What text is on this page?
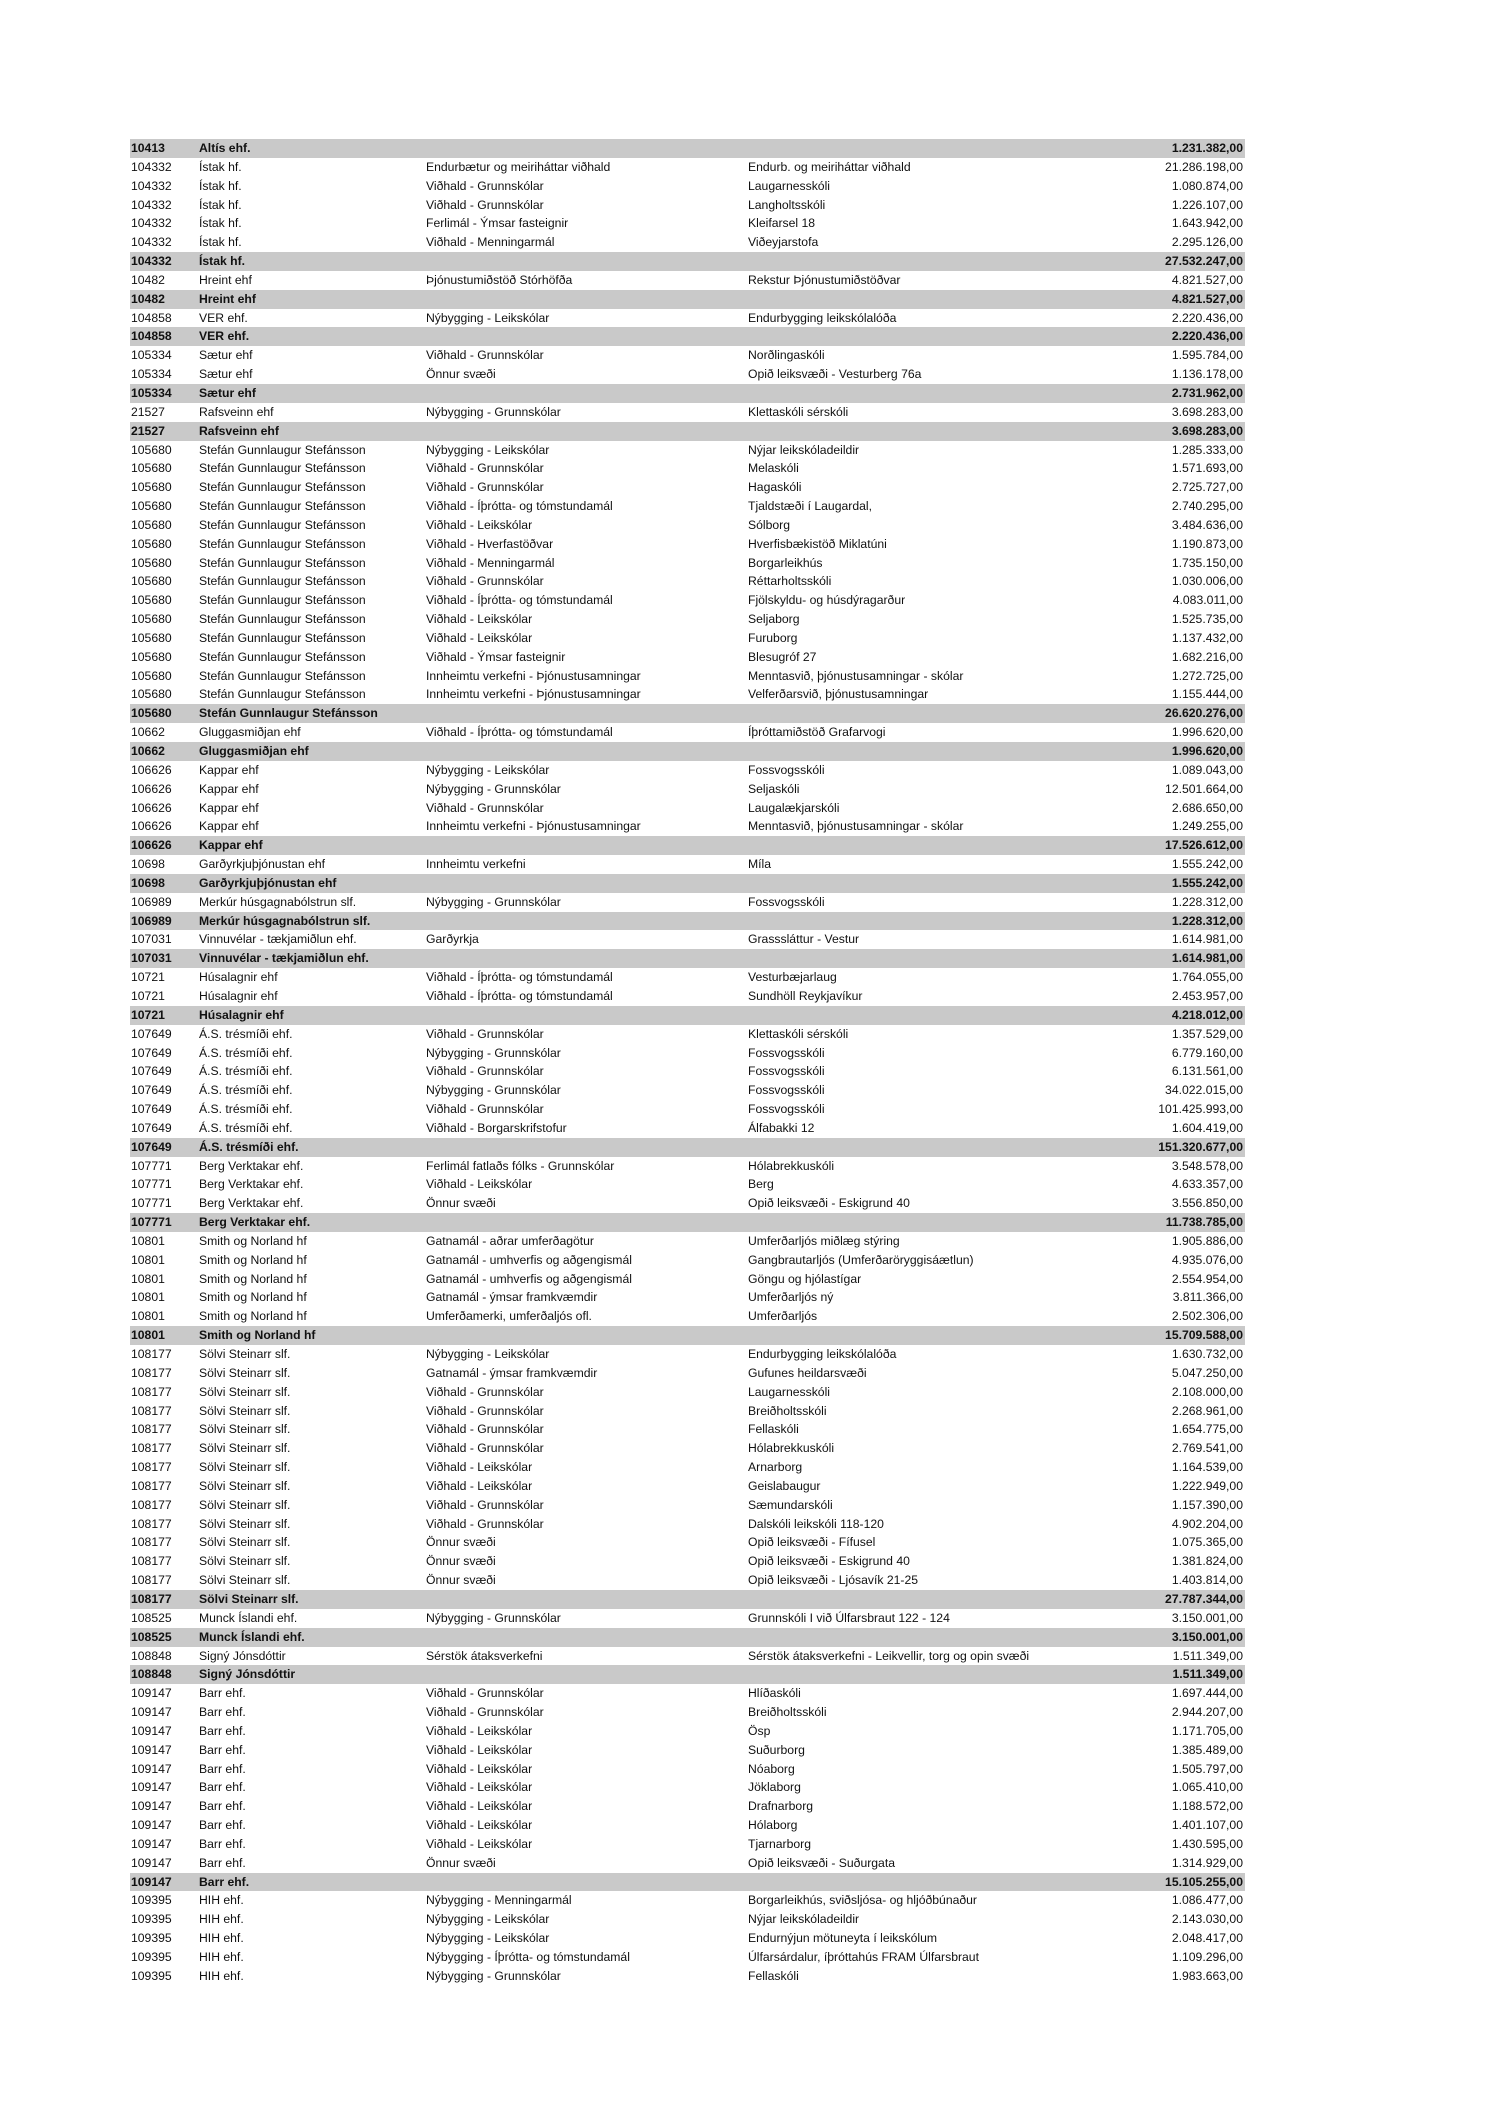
10413	Altís ehf.			1.231.382,00
104332	Ístak hf.	Endurbætur og meiriháttar viðhald	Endurb. og meiriháttar viðhald	21.286.198,00
104332	Ístak hf.	Viðhald - Grunnskólar	Laugarnesskóli	1.080.874,00
104332	Ístak hf.	Viðhald - Grunnskólar	Langholtsskóli	1.226.107,00
104332	Ístak hf.	Ferlimál - Ýmsar fasteignir	Kleifarsel 18	1.643.942,00
104332	Ístak hf.	Viðhald - Menningarmál	Viðeyjarstofa	2.295.126,00
104332	Ístak hf.			27.532.247,00
10482	Hreint ehf	Þjónustumiðstöð Stórhöfða	Rekstur Þjónustumiðstöðvar	4.821.527,00
10482	Hreint ehf			4.821.527,00
104858	VER ehf.	Nýbygging - Leikskólar	Endurbygging leikskólalóða	2.220.436,00
104858	VER ehf.			2.220.436,00
105334	Sætur ehf	Viðhald - Grunnskólar	Norðlingaskóli	1.595.784,00
105334	Sætur ehf	Önnur svæði	Opið leiksvæði - Vesturberg 76a	1.136.178,00
105334	Sætur ehf			2.731.962,00
21527	Rafsveinn ehf	Nýbygging - Grunnskólar	Klettaskóli sérskóli	3.698.283,00
21527	Rafsveinn ehf			3.698.283,00
105680	Stefán Gunnlaugur Stefánsson	Nýbygging - Leikskólar	Nýjar leikskóladeildir	1.285.333,00
105680	Stefán Gunnlaugur Stefánsson	Viðhald - Grunnskólar	Melaskóli	1.571.693,00
105680	Stefán Gunnlaugur Stefánsson	Viðhald - Grunnskólar	Hagaskóli	2.725.727,00
105680	Stefán Gunnlaugur Stefánsson	Viðhald - Íþrótta- og tómstundamál	Tjaldstæði í Laugardal,	2.740.295,00
105680	Stefán Gunnlaugur Stefánsson	Viðhald - Leikskólar	Sólborg	3.484.636,00
105680	Stefán Gunnlaugur Stefánsson	Viðhald - Hverfastöðvar	Hverfisbækistöð Miklatúni	1.190.873,00
105680	Stefán Gunnlaugur Stefánsson	Viðhald - Menningarmál	Borgarleikhús	1.735.150,00
105680	Stefán Gunnlaugur Stefánsson	Viðhald - Grunnskólar	Réttarholtsskóli	1.030.006,00
105680	Stefán Gunnlaugur Stefánsson	Viðhald - Íþrótta- og tómstundamál	Fjölskyldu- og húsdýragarður	4.083.011,00
105680	Stefán Gunnlaugur Stefánsson	Viðhald - Leikskólar	Seljaborg	1.525.735,00
105680	Stefán Gunnlaugur Stefánsson	Viðhald - Leikskólar	Furuborg	1.137.432,00
105680	Stefán Gunnlaugur Stefánsson	Viðhald - Ýmsar fasteignir	Blesugróf 27	1.682.216,00
105680	Stefán Gunnlaugur Stefánsson	Innheimtu verkefni - Þjónustusamningar	Menntasvið, þjónustusamningar - skólar	1.272.725,00
105680	Stefán Gunnlaugur Stefánsson	Innheimtu verkefni - Þjónustusamningar	Velferðarsvið, þjónustusamningar	1.155.444,00
105680	Stefán Gunnlaugur Stefánsson			26.620.276,00
10662	Gluggasmiðjan ehf	Viðhald - Íþrótta- og tómstundamál	Íþróttamiðstöð Grafarvogi	1.996.620,00
10662	Gluggasmiðjan ehf			1.996.620,00
106626	Kappar ehf	Nýbygging - Leikskólar	Fossvogsskóli	1.089.043,00
106626	Kappar ehf	Nýbygging - Grunnskólar	Seljaskóli	12.501.664,00
106626	Kappar ehf	Viðhald - Grunnskólar	Laugalækjarskóli	2.686.650,00
106626	Kappar ehf	Innheimtu verkefni - Þjónustusamningar	Menntasvið, þjónustusamningar - skólar	1.249.255,00
106626	Kappar ehf			17.526.612,00
10698	Garðyrkjuþjónustan ehf	Innheimtu verkefni	Míla	1.555.242,00
10698	Garðyrkjuþjónustan ehf			1.555.242,00
106989	Merkúr húsgagnabólstrun slf.	Nýbygging - Grunnskólar	Fossvogsskóli	1.228.312,00
106989	Merkúr húsgagnabólstrun slf.			1.228.312,00
107031	Vinnuvélar - tækjamiðlun ehf.	Garðyrkja	Grasssláttur - Vestur	1.614.981,00
107031	Vinnuvélar - tækjamiðlun ehf.			1.614.981,00
10721	Húsalagnir ehf	Viðhald - Íþrótta- og tómstundamál	Vesturbæjarlaug	1.764.055,00
10721	Húsalagnir ehf	Viðhald - Íþrótta- og tómstundamál	Sundhöll Reykjavíkur	2.453.957,00
10721	Húsalagnir ehf			4.218.012,00
107649	Á.S. trésmíði ehf.	Viðhald - Grunnskólar	Klettaskóli sérskóli	1.357.529,00
107649	Á.S. trésmíði ehf.	Nýbygging - Grunnskólar	Fossvogsskóli	6.779.160,00
107649	Á.S. trésmíði ehf.	Viðhald - Grunnskólar	Fossvogsskóli	6.131.561,00
107649	Á.S. trésmíði ehf.	Nýbygging - Grunnskólar	Fossvogsskóli	34.022.015,00
107649	Á.S. trésmíði ehf.	Viðhald - Grunnskólar	Fossvogsskóli	101.425.993,00
107649	Á.S. trésmíði ehf.	Viðhald - Borgarskrifstofur	Álfabakki 12	1.604.419,00
107649	Á.S. trésmíði ehf.			151.320.677,00
107771	Berg Verktakar ehf.	Ferlimál fatlaðs fólks - Grunnskólar	Hólabrekkuskóli	3.548.578,00
107771	Berg Verktakar ehf.	Viðhald - Leikskólar	Berg	4.633.357,00
107771	Berg Verktakar ehf.	Önnur svæði	Opið leiksvæði - Eskigrund 40	3.556.850,00
107771	Berg Verktakar ehf.			11.738.785,00
10801	Smith og Norland hf	Gatnamál - aðrar umferðagötur	Umferðarljós miðlæg stýring	1.905.886,00
10801	Smith og Norland hf	Gatnamál - umhverfis og aðgengismál	Gangbrautarljós (Umferðaröryggisáætlun)	4.935.076,00
10801	Smith og Norland hf	Gatnamál - umhverfis og aðgengismál	Göngu og hjólastígar	2.554.954,00
10801	Smith og Norland hf	Gatnamál - ýmsar framkvæmdir	Umferðarljós ný	3.811.366,00
10801	Smith og Norland hf	Umferðamerki, umferðaljós ofl.	Umferðarljós	2.502.306,00
10801	Smith og Norland hf			15.709.588,00
108177	Sölvi Steinarr slf.	Nýbygging - Leikskólar	Endurbygging leikskólalóða	1.630.732,00
108177	Sölvi Steinarr slf.	Gatnamál - ýmsar framkvæmdir	Gufunes heildarsvæði	5.047.250,00
108177	Sölvi Steinarr slf.	Viðhald - Grunnskólar	Laugarnesskóli	2.108.000,00
108177	Sölvi Steinarr slf.	Viðhald - Grunnskólar	Breiðholtsskóli	2.268.961,00
108177	Sölvi Steinarr slf.	Viðhald - Grunnskólar	Fellaskóli	1.654.775,00
108177	Sölvi Steinarr slf.	Viðhald - Grunnskólar	Hólabrekkuskóli	2.769.541,00
108177	Sölvi Steinarr slf.	Viðhald - Leikskólar	Arnarborg	1.164.539,00
108177	Sölvi Steinarr slf.	Viðhald - Leikskólar	Geislabaugur	1.222.949,00
108177	Sölvi Steinarr slf.	Viðhald - Grunnskólar	Sæmundarskóli	1.157.390,00
108177	Sölvi Steinarr slf.	Viðhald - Grunnskólar	Dalskóli leikskóli 118-120	4.902.204,00
108177	Sölvi Steinarr slf.	Önnur svæði	Opið leiksvæði - Fífusel	1.075.365,00
108177	Sölvi Steinarr slf.	Önnur svæði	Opið leiksvæði - Eskigrund 40	1.381.824,00
108177	Sölvi Steinarr slf.	Önnur svæði	Opið leiksvæði - Ljósavík 21-25	1.403.814,00
108177	Sölvi Steinarr slf.			27.787.344,00
108525	Munck Íslandi ehf.	Nýbygging - Grunnskólar	Grunnskóli I við Úlfarsbraut 122 - 124	3.150.001,00
108525	Munck Íslandi ehf.			3.150.001,00
108848	Signý Jónsdóttir	Sérstök átaksverkefni	Sérstök átaksverkefni - Leikvellir, torg og opin svæði	1.511.349,00
108848	Signý Jónsdóttir			1.511.349,00
109147	Barr ehf.	Viðhald - Grunnskólar	Hlíðaskóli	1.697.444,00
109147	Barr ehf.	Viðhald - Grunnskólar	Breiðholtsskóli	2.944.207,00
109147	Barr ehf.	Viðhald - Leikskólar	Ösp	1.171.705,00
109147	Barr ehf.	Viðhald - Leikskólar	Suðurborg	1.385.489,00
109147	Barr ehf.	Viðhald - Leikskólar	Nóaborg	1.505.797,00
109147	Barr ehf.	Viðhald - Leikskólar	Jöklaborg	1.065.410,00
109147	Barr ehf.	Viðhald - Leikskólar	Drafnarborg	1.188.572,00
109147	Barr ehf.	Viðhald - Leikskólar	Hólaborg	1.401.107,00
109147	Barr ehf.	Viðhald - Leikskólar	Tjarnarborg	1.430.595,00
109147	Barr ehf.	Önnur svæði	Opið leiksvæði - Suðurgata	1.314.929,00
109147	Barr ehf.			15.105.255,00
109395	HIH ehf.	Nýbygging - Menningarmál	Borgarleikhús, sviðsljósa- og hljóðbúnaður	1.086.477,00
109395	HIH ehf.	Nýbygging - Leikskólar	Nýjar leikskóladeildir	2.143.030,00
109395	HIH ehf.	Nýbygging - Leikskólar	Endurnýjun mötuneyta í leikskólum	2.048.417,00
109395	HIH ehf.	Nýbygging - Íþrótta- og tómstundamál	Úlfarsárdalur, íþróttahús FRAM Úlfarsbraut	1.109.296,00
109395	HIH ehf.	Nýbygging - Grunnskólar	Fellaskóli	1.983.663,00
